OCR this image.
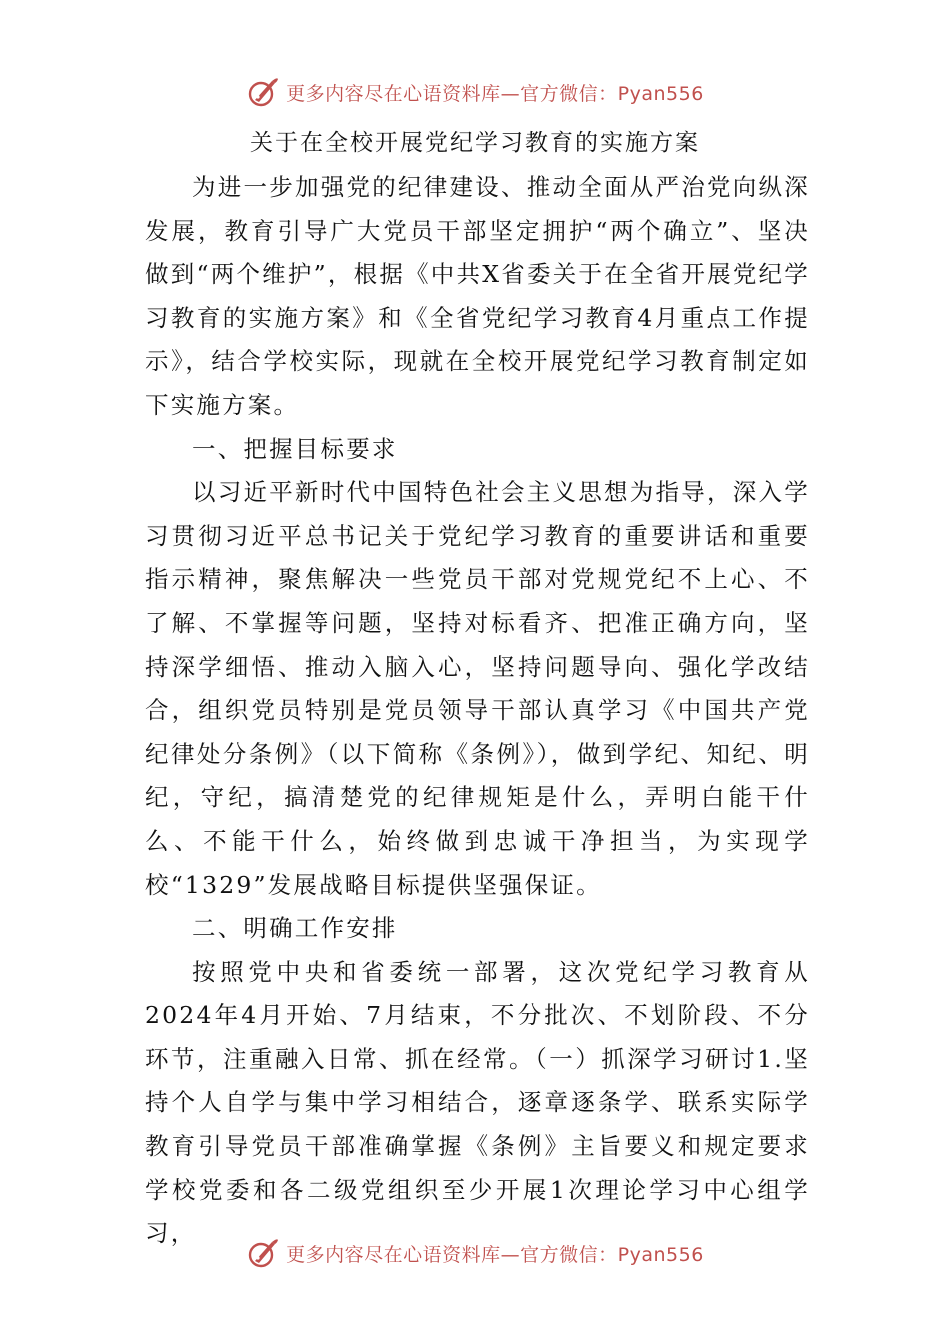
更多内容尽在心语资料库—官方微信：Pyan556
关于在全校开展党纪学习教育的实施方案

为进一步加强党的纪律建设、推动全面从严治党向纵深发展，教育引导广大党员干部坚定拥护“两个确立”、坚决做到“两个维护”，根据《中共X省委关于在全省开展党纪学习教育的实施方案》和《全省党纪学习教育4月重点工作提示》，结合学校实际，现就在全校开展党纪学习教育制定如下实施方案。

一、把握目标要求

以习近平新时代中国特色社会主义思想为指导，深入学习贯彻习近平总书记关于党纪学习教育的重要讲话和重要指示精神，聚焦解决一些党员干部对党规党纪不上心、不了解、不掌握等问题，坚持对标看齐、把准正确方向，坚持深学细悟、推动入脑入心，坚持问题导向、强化学改结合，组织党员特别是党员领导干部认真学习《中国共产党纪律处分条例》（以下简称《条例》），做到学纪、知纪、明纪，守纪，搞清楚党的纪律规矩是什么，弄明白能干什么、不能干什么，始终做到忠诚干净担当，为实现学校“1329”发展战略目标提供坚强保证。

二、明确工作安排

按照党中央和省委统一部署，这次党纪学习教育从2024年4月开始、7月结束，不分批次、不划阶段、不分环节，注重融入日常、抓在经常。（一）抓深学习研讨1.坚持个人自学与集中学习相结合，逐章逐条学、联系实际学教育引导党员干部准确掌握《条例》主旨要义和规定要求学校党委和各二级党组织至少开展1次理论学习中心组学习，

更多内容尽在心语资料库—官方微信：Pyan556
